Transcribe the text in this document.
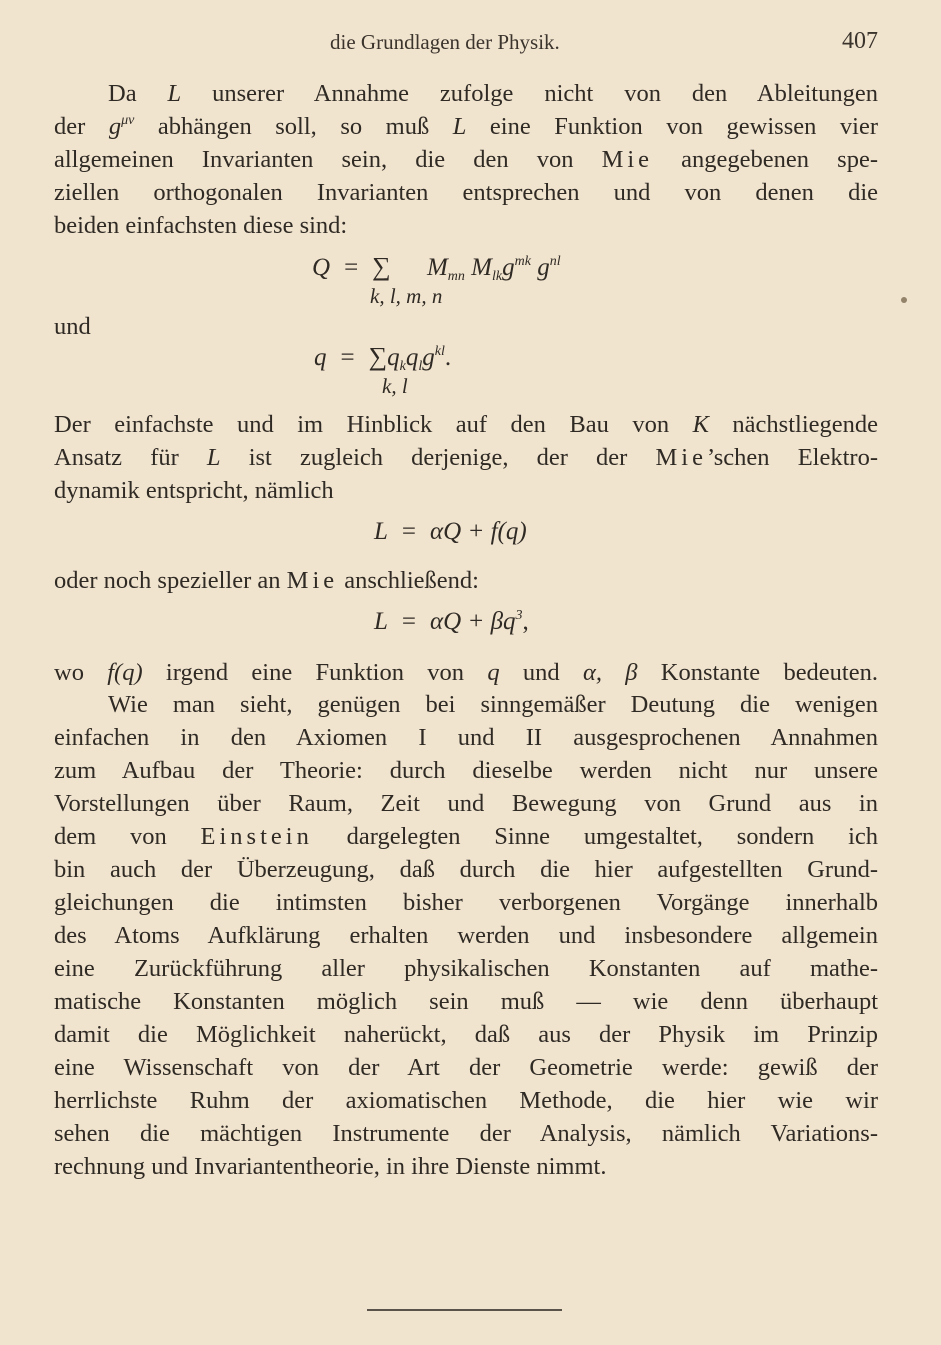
die Grundlagen der Physik.	407
Da L unserer Annahme zufolge nicht von den Ableitungen
der $g^{\mu\nu}$ abhängen soll, so muß L eine Funktion von gewissen vier
allgemeinen Invarianten sein, die den von Mie angegebenen spe-
ziellen orthogonalen Invarianten entsprechen und von denen die
beiden einfachsten diese sind:
Q = ∑ $M_{mn}$ $M_{lk}g^{mk}$ $g^{nl}$
k, l, m, n
und
$q = \sum q_kq_lg^{kl}$.
k, l
Der einfachste und im Hinblick auf den Bau von K nächstliegende
Ansatz für L ist zugleich derjenige, der der Mie’schen Elektro-
dynamik entspricht, nämlich
L = αQ + f(q)
oder noch spezieller an Mie anschließend:
$L = \alpha Q + \beta q^3$,
wo f(q) irgend eine Funktion von q und α, β Konstante bedeuten.
Wie man sieht, genügen bei sinngemäßer Deutung die wenigen
einfachen in den Axiomen I und II ausgesprochenen Annahmen
zum Aufbau der Theorie: durch dieselbe werden nicht nur unsere
Vorstellungen über Raum, Zeit und Bewegung von Grund aus in
dem von Einstein dargelegten Sinne umgestaltet, sondern ich
bin auch der Überzeugung, daß durch die hier aufgestellten Grund-
gleichungen die intimsten bisher verborgenen Vorgänge innerhalb
des Atoms Aufklärung erhalten werden und insbesondere allgemein
eine Zurückführung aller physikalischen Konstanten auf mathe-
matische Konstanten möglich sein muß — wie denn überhaupt
damit die Möglichkeit naherückt, daß aus der Physik im Prinzip
eine Wissenschaft von der Art der Geometrie werde: gewiß der
herrlichste Ruhm der axiomatischen Methode, die hier wie wir
sehen die mächtigen Instrumente der Analysis, nämlich Variations-
rechnung und Invariantentheorie, in ihre Dienste nimmt.
